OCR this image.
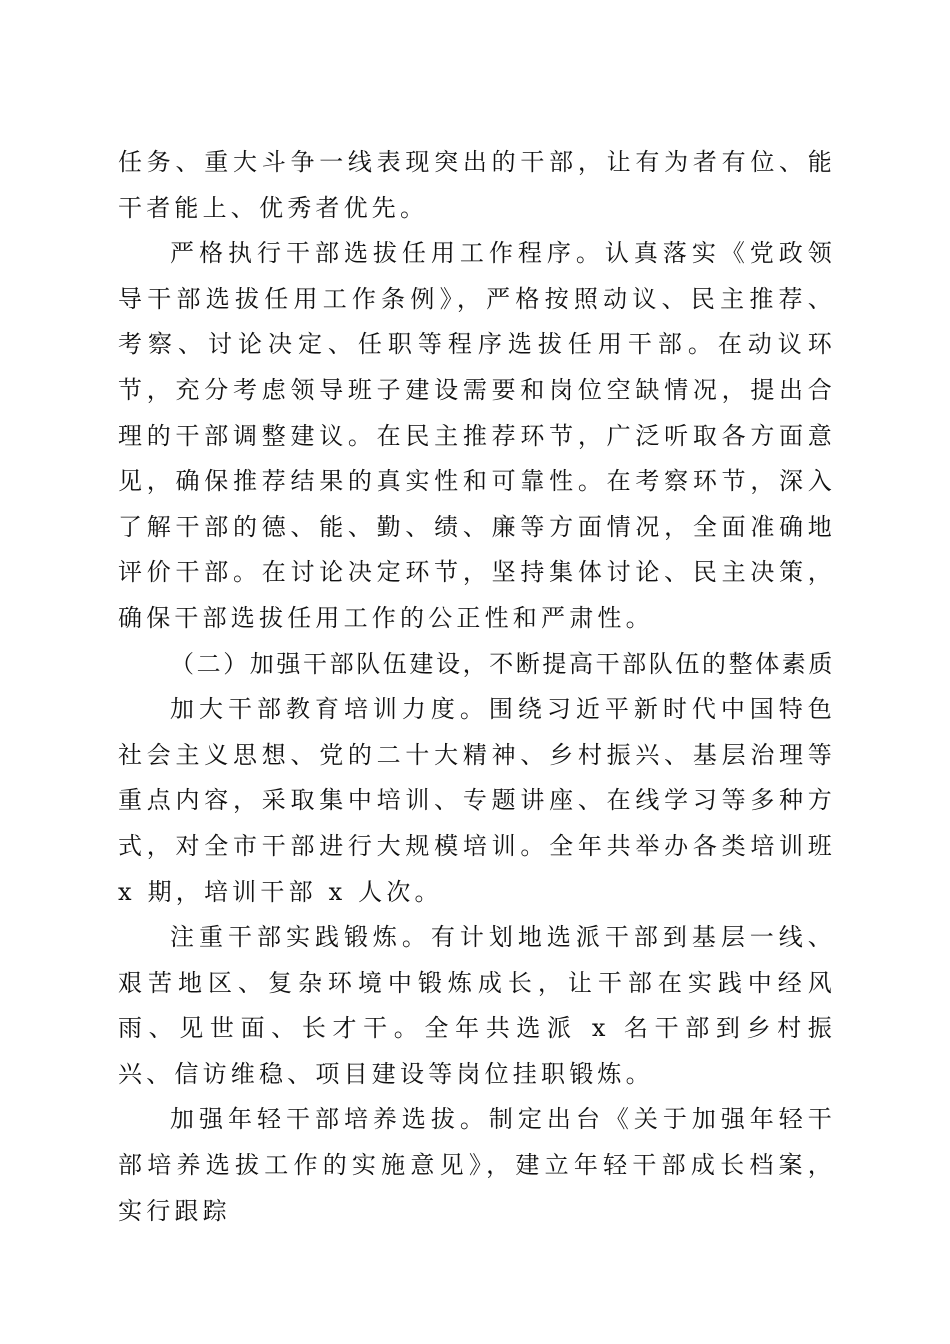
任务、重大斗争一线表现突出的干部，让有为者有位、能干者能上、优秀者优先。

严格执行干部选拔任用工作程序。认真落实《党政领导干部选拔任用工作条例》，严格按照动议、民主推荐、考察、讨论决定、任职等程序选拔任用干部。在动议环节，充分考虑领导班子建设需要和岗位空缺情况，提出合理的干部调整建议。在民主推荐环节，广泛听取各方面意见，确保推荐结果的真实性和可靠性。在考察环节，深入了解干部的德、能、勤、绩、廉等方面情况，全面准确地评价干部。在讨论决定环节，坚持集体讨论、民主决策，确保干部选拔任用工作的公正性和严肃性。

（二）加强干部队伍建设，不断提高干部队伍的整体素质

加大干部教育培训力度。围绕习近平新时代中国特色社会主义思想、党的二十大精神、乡村振兴、基层治理等重点内容，采取集中培训、专题讲座、在线学习等多种方式，对全市干部进行大规模培训。全年共举办各类培训班 x 期，培训干部 x 人次。

注重干部实践锻炼。有计划地选派干部到基层一线、艰苦地区、复杂环境中锻炼成长，让干部在实践中经风雨、见世面、长才干。全年共选派 x 名干部到乡村振兴、信访维稳、项目建设等岗位挂职锻炼。

加强年轻干部培养选拔。制定出台《关于加强年轻干部培养选拔工作的实施意见》，建立年轻干部成长档案，实行跟踪
